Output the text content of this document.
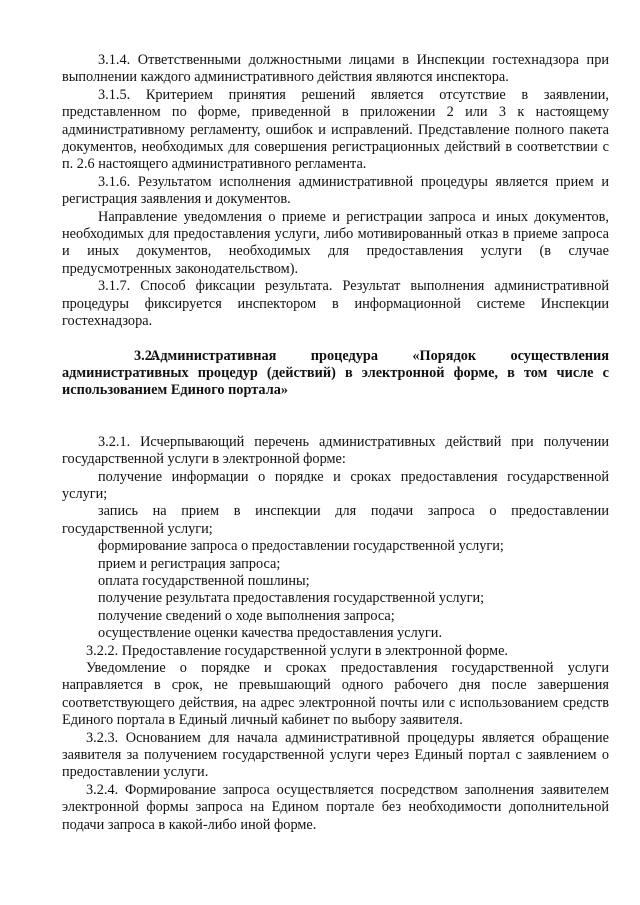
3.1.4. Ответственными должностными лицами в Инспекции гостехнадзора при выполнении каждого административного действия являются инспектора.

3.1.5. Критерием принятия решений является отсутствие в заявлении, представленном по форме, приведенной в приложении 2 или 3 к настоящему административному регламенту, ошибок и исправлений. Представление полного пакета документов, необходимых для совершения регистрационных действий в соответствии с п. 2.6 настоящего административного регламента.

3.1.6. Результатом исполнения административной процедуры является прием и регистрация заявления и документов.

Направление уведомления о приеме и регистрации запроса и иных документов, необходимых для предоставления услуги, либо мотивированный отказ в приеме запроса и иных документов, необходимых для предоставления услуги (в случае предусмотренных законодательством).

3.1.7. Способ фиксации результата. Результат выполнения административной процедуры фиксируется инспектором в информационной системе Инспекции гостехнадзора.

3.2.Административная процедура «Порядок осуществления административных процедур (действий) в электронной форме, в том числе с использованием Единого портала»

3.2.1. Исчерпывающий перечень административных действий при получении государственной услуги в электронной форме:

получение информации о порядке и сроках предоставления государственной услуги;

запись на прием в инспекции для подачи запроса о предоставлении государственной услуги;

формирование запроса о предоставлении государственной услуги;

прием и регистрация запроса;

оплата государственной пошлины;

получение результата предоставления государственной услуги;

получение сведений о ходе выполнения запроса;

осуществление оценки качества предоставления услуги.

3.2.2. Предоставление государственной услуги в электронной форме.

Уведомление о порядке и сроках предоставления государственной услуги направляется в срок, не превышающий одного рабочего дня после завершения соответствующего действия, на адрес электронной почты или с использованием средств Единого портала в Единый личный кабинет по выбору заявителя.

3.2.3. Основанием для начала административной процедуры является обращение заявителя за получением государственной услуги через Единый портал с заявлением о предоставлении услуги.

3.2.4. Формирование запроса осуществляется посредством заполнения заявителем электронной формы запроса на Едином портале без необходимости дополнительной подачи запроса в какой-либо иной форме.
